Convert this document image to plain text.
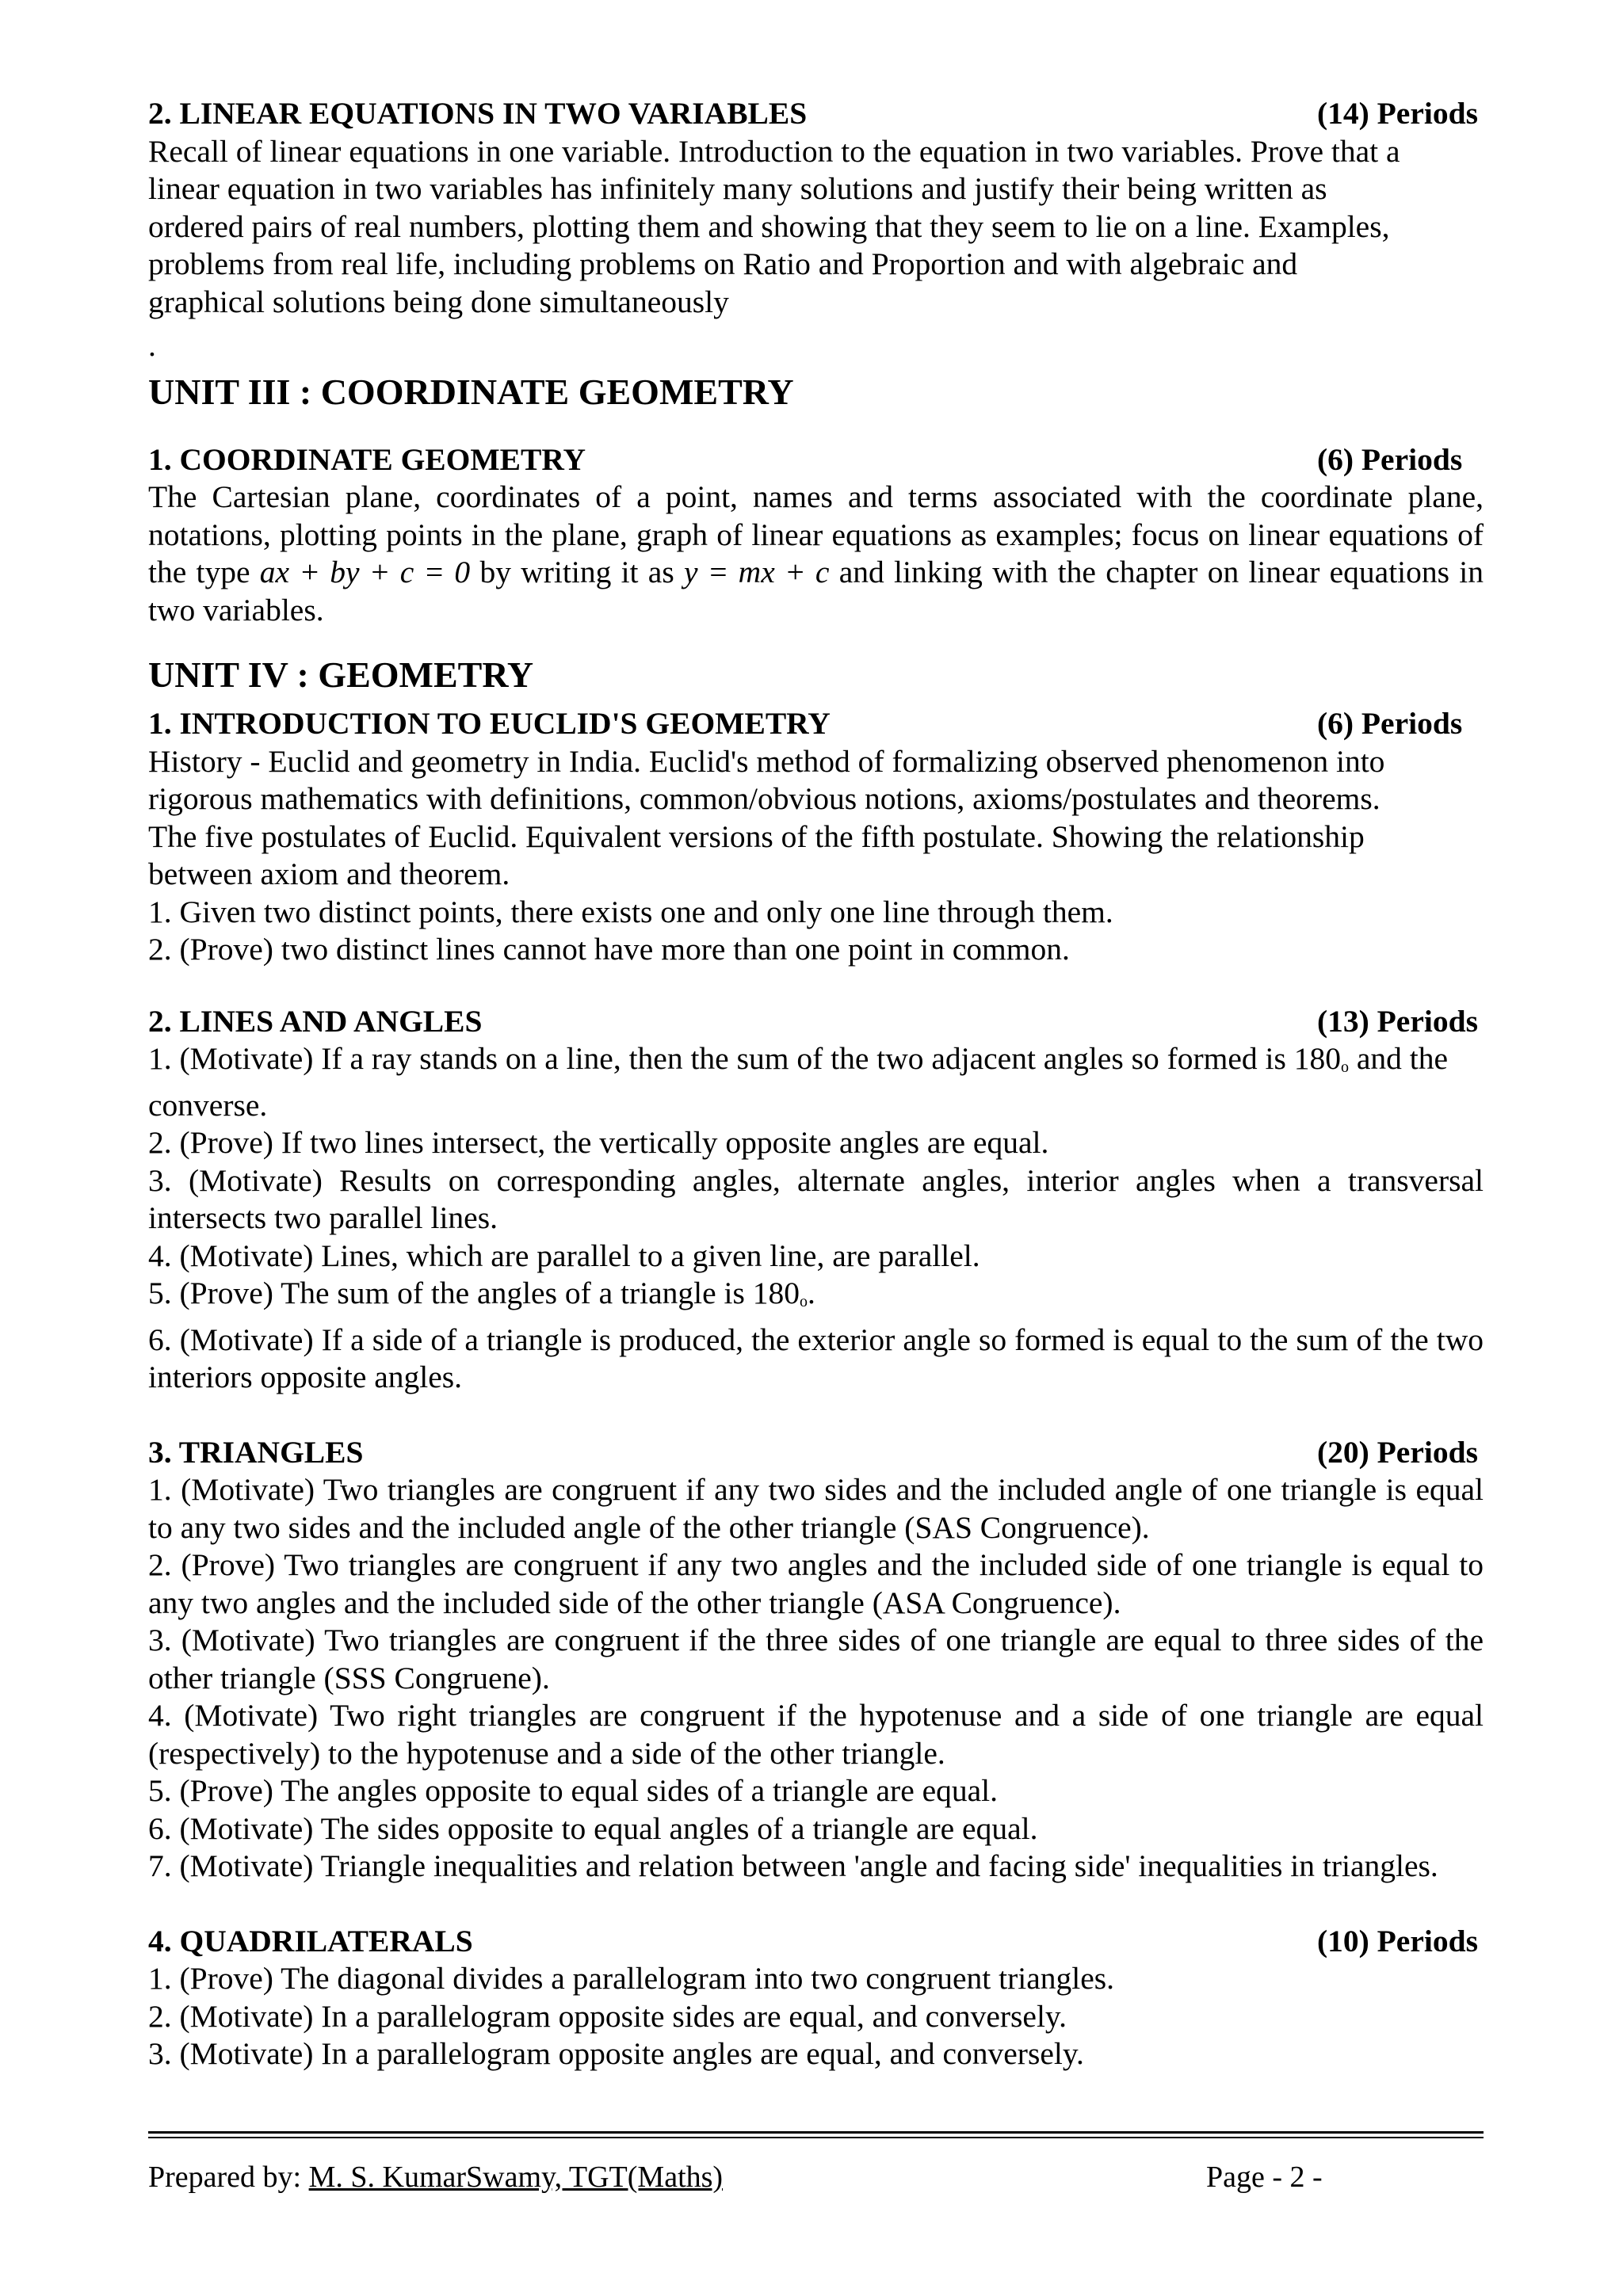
2. LINEAR EQUATIONS IN TWO VARIABLES	(14) Periods
Recall of linear equations in one variable. Introduction to the equation in two variables. Prove that a
linear equation in two variables has infinitely many solutions and justify their being written as
ordered pairs of real numbers, plotting them and showing that they seem to lie on a line. Examples,
problems from real life, including problems on Ratio and Proportion and with algebraic and
graphical solutions being done simultaneously
.
UNIT III : COORDINATE GEOMETRY
1. COORDINATE GEOMETRY	(6) Periods
The Cartesian plane, coordinates of a point, names and terms associated with the coordinate plane, notations, plotting points in the plane, graph of linear equations as examples; focus on linear equations of the type ax + by + c = 0 by writing it as y = mx + c and linking with the chapter on linear equations in two variables.
UNIT IV : GEOMETRY
1. INTRODUCTION TO EUCLID'S GEOMETRY	(6) Periods
History - Euclid and geometry in India. Euclid's method of formalizing observed phenomenon into
rigorous mathematics with definitions, common/obvious notions, axioms/postulates and theorems.
The five postulates of Euclid. Equivalent versions of the fifth postulate. Showing the relationship
between axiom and theorem.
1. Given two distinct points, there exists one and only one line through them.
2. (Prove) two distinct lines cannot have more than one point in common.
2. LINES AND ANGLES	(13) Periods
1. (Motivate) If a ray stands on a line, then the sum of the two adjacent angles so formed is $180_o$ and the converse.
2. (Prove) If two lines intersect, the vertically opposite angles are equal.
3. (Motivate) Results on corresponding angles, alternate angles, interior angles when a transversal intersects two parallel lines.
4. (Motivate) Lines, which are parallel to a given line, are parallel.
5. (Prove) The sum of the angles of a triangle is $180_o$.
6. (Motivate) If a side of a triangle is produced, the exterior angle so formed is equal to the sum of the two interiors opposite angles.
3. TRIANGLES	(20) Periods
1. (Motivate) Two triangles are congruent if any two sides and the included angle of one triangle is equal to any two sides and the included angle of the other triangle (SAS Congruence).
2. (Prove) Two triangles are congruent if any two angles and the included side of one triangle is equal to any two angles and the included side of the other triangle (ASA Congruence).
3. (Motivate) Two triangles are congruent if the three sides of one triangle are equal to three sides of the other triangle (SSS Congruene).
4. (Motivate) Two right triangles are congruent if the hypotenuse and a side of one triangle are equal (respectively) to the hypotenuse and a side of the other triangle.
5. (Prove) The angles opposite to equal sides of a triangle are equal.
6. (Motivate) The sides opposite to equal angles of a triangle are equal.
7. (Motivate) Triangle inequalities and relation between 'angle and facing side' inequalities in triangles.
4. QUADRILATERALS	(10) Periods
1. (Prove) The diagonal divides a parallelogram into two congruent triangles.
2. (Motivate) In a parallelogram opposite sides are equal, and conversely.
3. (Motivate) In a parallelogram opposite angles are equal, and conversely.
Prepared by: M. S. KumarSwamy, TGT(Maths)	Page - 2 -
